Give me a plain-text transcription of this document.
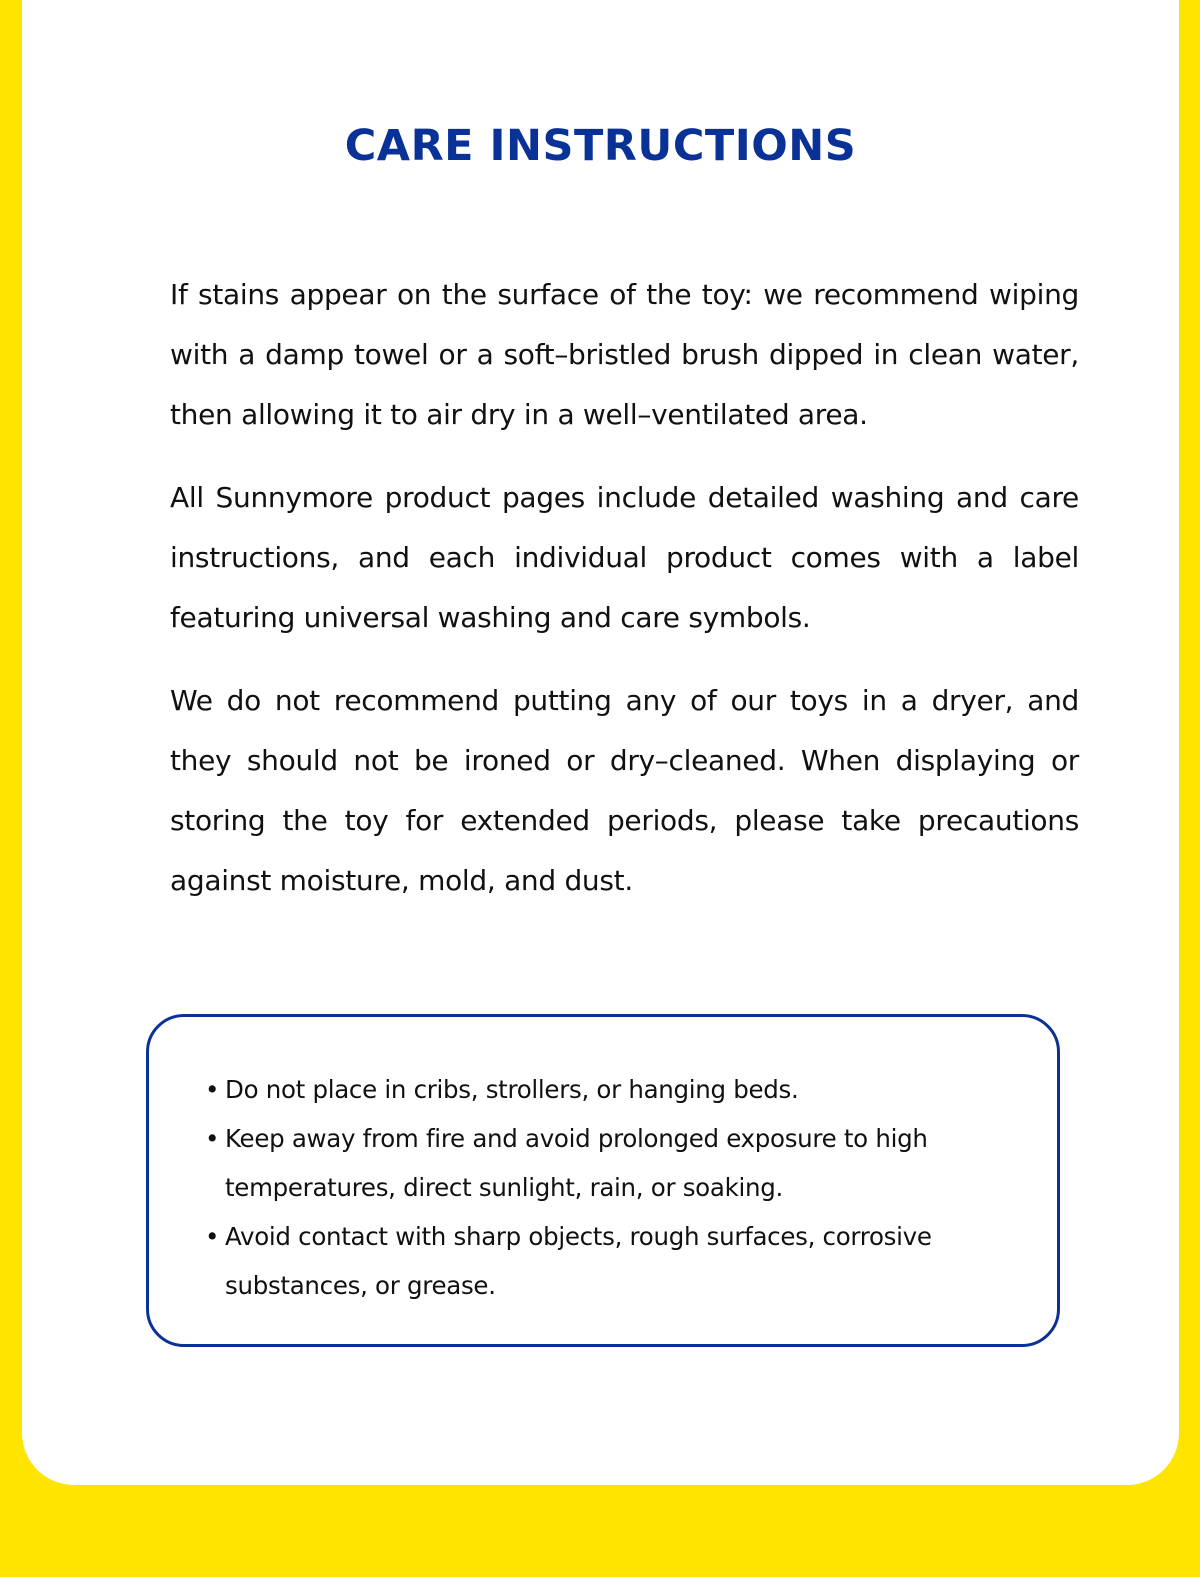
CARE INSTRUCTIONS

If stains appear on the surface of the toy: we recommend wiping with a damp towel or a soft–bristled brush dipped in clean water, then allowing it to air dry in a well–ventilated area.

All Sunnymore product pages include detailed washing and care instructions, and each individual product comes with a label featuring universal washing and care symbols.

We do not recommend putting any of our toys in a dryer, and they should not be ironed or dry–cleaned. When displaying or storing the toy for extended periods, please take precautions against moisture, mold, and dust.

• Do not place in cribs, strollers, or hanging beds.
• Keep away from fire and avoid prolonged exposure to high temperatures, direct sunlight, rain, or soaking.
• Avoid contact with sharp objects, rough surfaces, corrosive substances, or grease.
